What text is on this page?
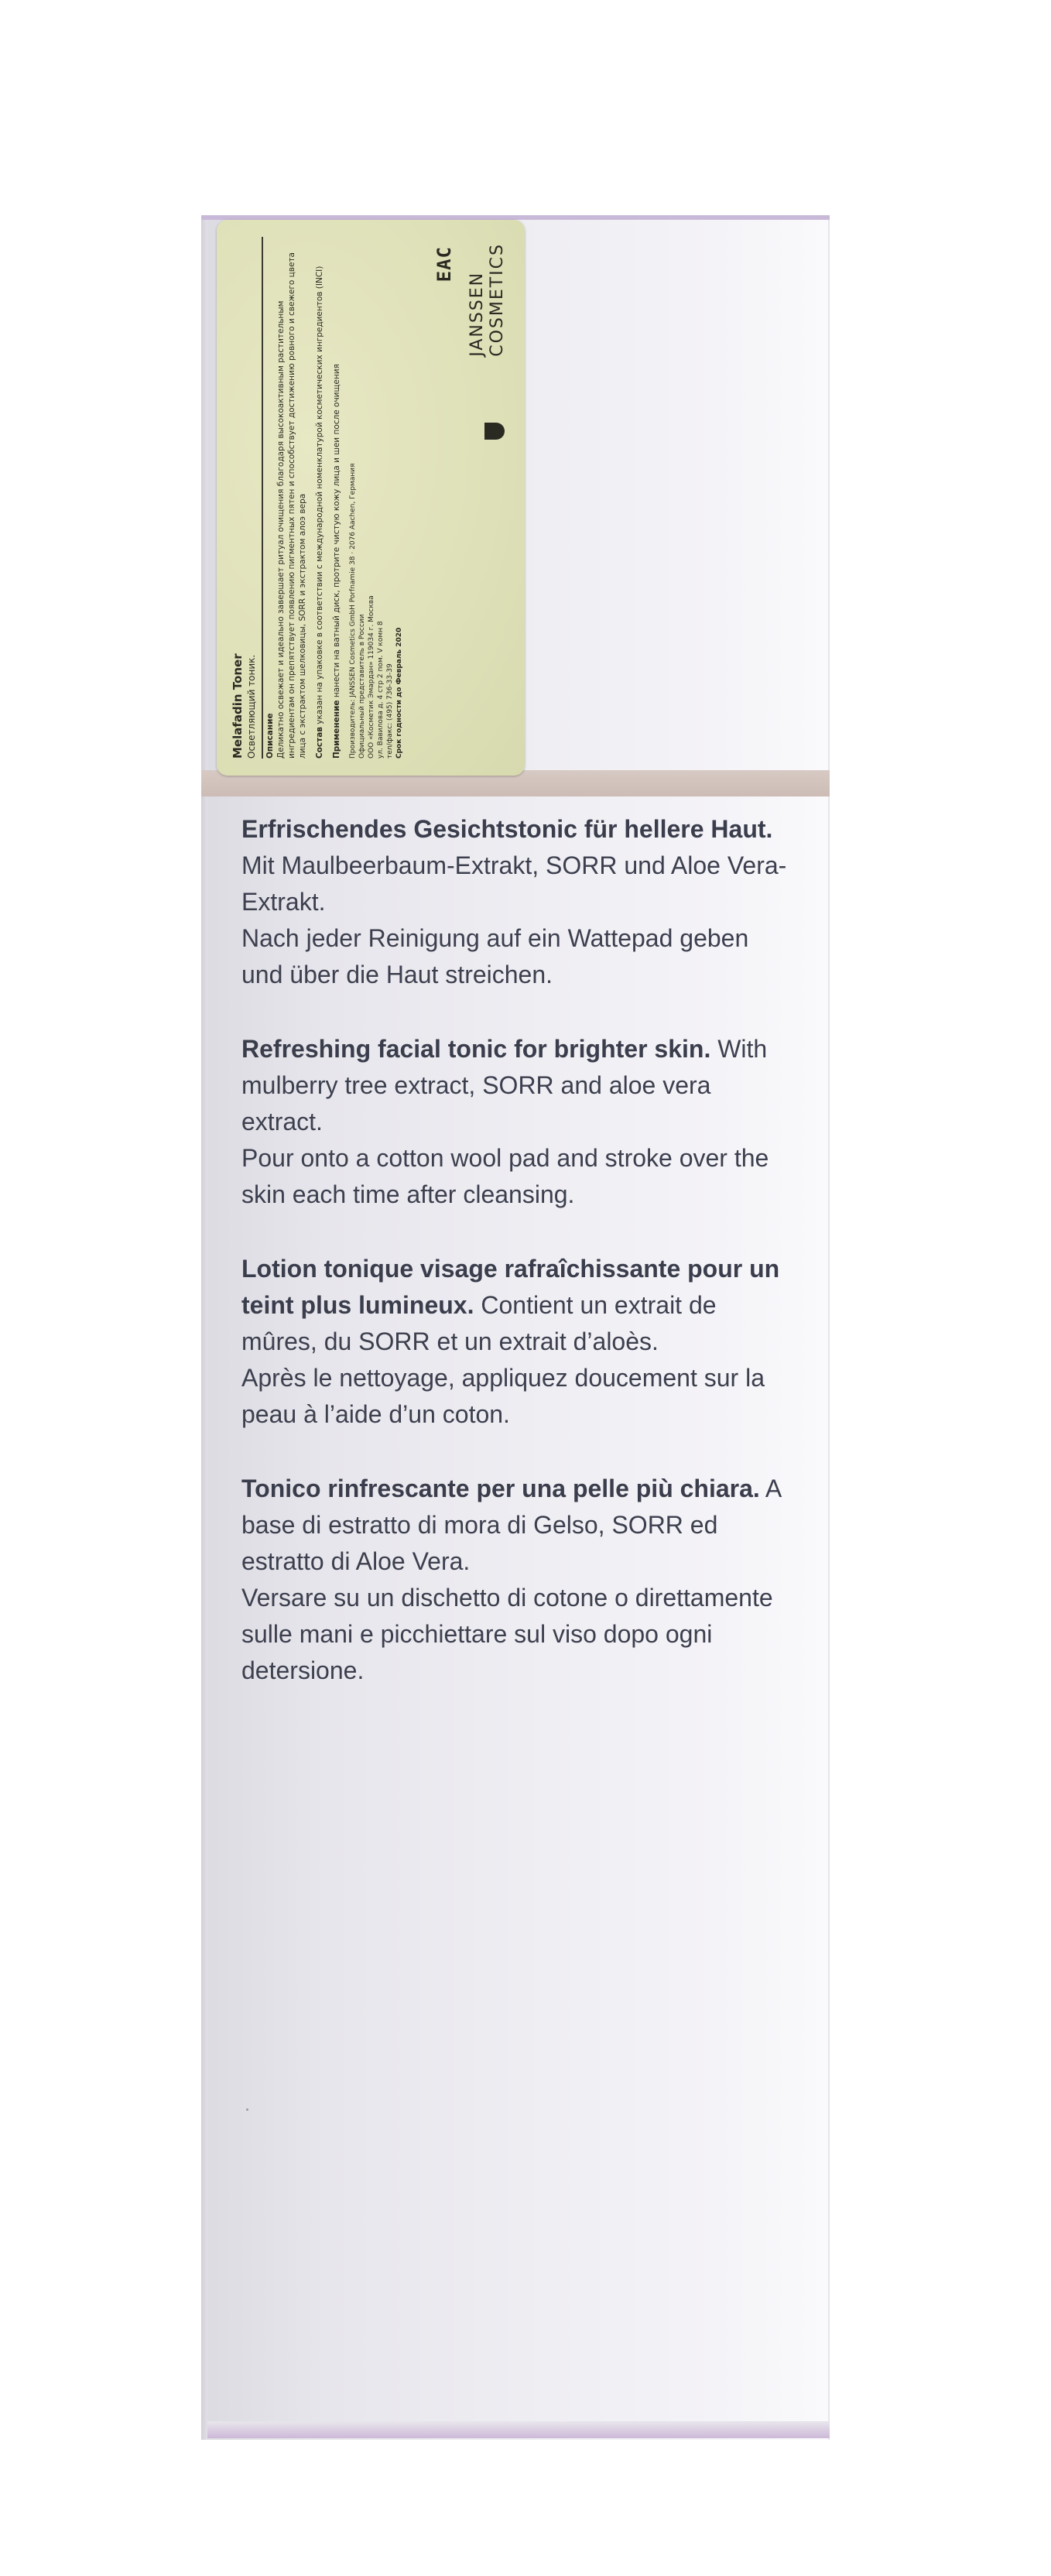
Melafadin Toner Осветляющий тоник. Описание Деликатно освежает и идеально завершает ритуал очищения благодаря высокоактивным растительным ингредиентам он препятствует появлению пигментных пятен и способствует достижению ровного и свежего цвета лица с экстрактом шелковицы, SORR и экстрактом алоэ вера Состав указан на упаковке в соответствии с международной номенклатурой косметических ингредиентов (INCI)

Применение нанести на ватный диск, протрите чистую кожу лица и шеи после очищения Производитель: JANSSEN Cosmetics GmbH Porfnamie 38 · 2076 Aachen, Германия Официальный представитель в России ООО «Косметик Эмардан» 119034 г. Москва ул. Вавилова д. 4 стр 2 пом. V комн 8 тел/факс: (495) 736-33-39 Срок годности до Февраль 2020

EAC
JANSSEN
COSMETICS

Erfrischendes Gesichtstonic für hellere Haut. Mit Maulbeerbaum-Extrakt, SORR und Aloe Vera-Extrakt.
Nach jeder Reinigung auf ein Wattepad geben und über die Haut streichen.

Refreshing facial tonic for brighter skin. With mulberry tree extract, SORR and aloe vera extract.
Pour onto a cotton wool pad and stroke over the skin each time after cleansing.

Lotion tonique visage rafraîchissante pour un teint plus lumineux. Contient un extrait de mûres, du SORR et un extrait d’aloès.
Après le nettoyage, appliquez doucement sur la peau à l’aide d’un coton.

Tonico rinfrescante per una pelle più chiara. A base di estratto di mora di Gelso, SORR ed estratto di Aloe Vera.
Versare su un dischetto di cotone o direttamente sulle mani e picchiettare sul viso dopo ogni detersione.
